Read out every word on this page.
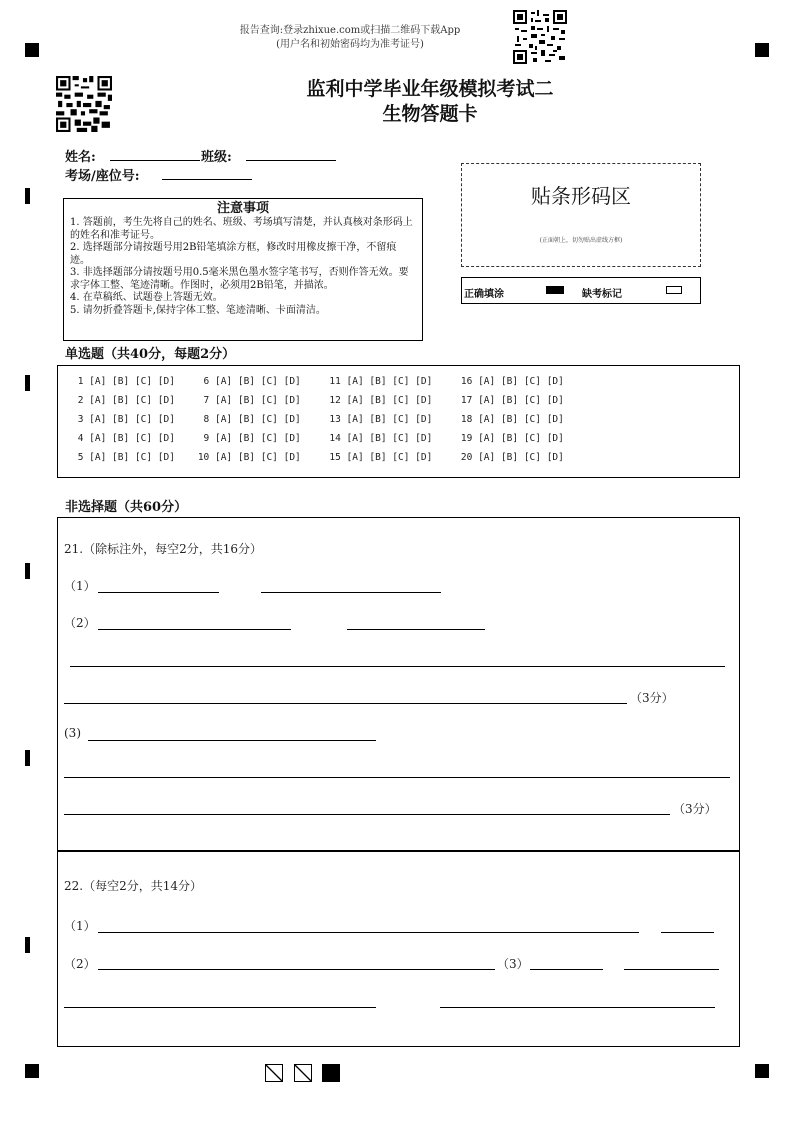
报告查询:登录zhixue.com或扫描二维码下载App
(用户名和初始密码均为准考证号)
监利中学毕业年级模拟考试二
生物答题卡
姓名:	班级:
考场/座位号:
注意事项
1. 答题前，考生先将自己的姓名、班级、考场填写清楚，并认真核对条形码上的姓名和准考证号。
2. 选择题部分请按题号用2B铅笔填涂方框，修改时用橡皮擦干净，不留痕迹。
3. 非选择题部分请按题号用0.5毫米黑色墨水签字笔书写，否则作答无效。要求字体工整、笔迹清晰。作图时，必须用2B铅笔，并描浓。
4. 在草稿纸、试题卷上答题无效。
5. 请勿折叠答题卡,保持字体工整、笔迹清晰、卡面清洁。
贴条形码区
(正面朝上，切勿贴出虚线方框)
正确填涂	缺考标记
单选题（共40分，每题2分）
1 [A] [B] [C] [D]     6 [A] [B] [C] [D]     11 [A] [B] [C] [D]     16 [A] [B] [C] [D]
2 [A] [B] [C] [D]     7 [A] [B] [C] [D]     12 [A] [B] [C] [D]     17 [A] [B] [C] [D]
3 [A] [B] [C] [D]     8 [A] [B] [C] [D]     13 [A] [B] [C] [D]     18 [A] [B] [C] [D]
4 [A] [B] [C] [D]     9 [A] [B] [C] [D]     14 [A] [B] [C] [D]     19 [A] [B] [C] [D]
5 [A] [B] [C] [D]    10 [A] [B] [C] [D]     15 [A] [B] [C] [D]     20 [A] [B] [C] [D]
非选择题（共60分）
21.（除标注外，每空2分，共16分）
（1）
（2）
（3分）
(3)
（3分）
22.（每空2分，共14分）
（1）
（2）	（3）
